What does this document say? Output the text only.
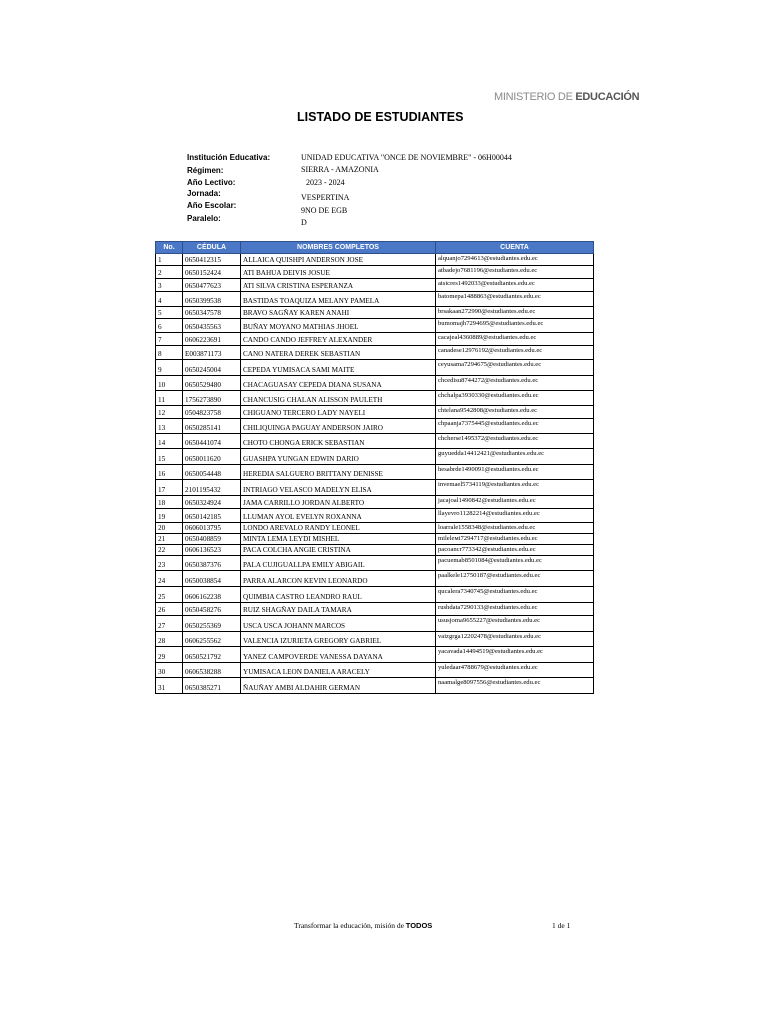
MINISTERIO DE EDUCACIÓN
LISTADO DE ESTUDIANTES
Institución Educativa:	UNIDAD EDUCATIVA "ONCE DE NOVIEMBRE" - 06H00044
Régimen:	SIERRA - AMAZONIA
Año Lectivo:	2023 - 2024
Jornada:	VESPERTINA
Año Escolar:
9NO DE EGB
Paralelo:	D
No.	CÉDULA	NOMBRES COMPLETOS	CUENTA
1	0650412315	ALLAICA QUISHPI ANDERSON JOSE	alquanjo7294613@estudiantes.edu.ec
2	0650152424	ATI BAHUA DEIVIS JOSUE	atbadejo7681196@estudiantes.edu.ec
3	0650477623	ATI SILVA CRISTINA ESPERANZA	atsicres1492033@estudiantes.edu.ec
4	0650399538	BASTIDAS TOAQUIZA MELANY PAMELA	batomepa1488863@estudiantes.edu.ec
5	0650347578	BRAVO SAGÑAY KAREN ANAHI	brsakaan272990@estudiantes.edu.ec
6	0650435563	BUÑAY MOYANO MATHIAS JHOEL	bumomajh7294695@estudiantes.edu.ec
7	0606223691	CANDO CANDO JEFFREY ALEXANDER	cacajeal4360889@estudiantes.edu.ec
8	E003871173	CANO NATERA DEREK SEBASTIAN	canadese12976192@estudiantes.edu.ec
9	0650245004	CEPEDA YUMISACA SAMI MAITE	ceyusama7294675@estudiantes.edu.ec
10	0650529480	CHACAGUASAY CEPEDA DIANA SUSANA	chcedisu8744272@estudiantes.edu.ec
11	1756273890	CHANCUSIG CHALAN ALISSON PAULETH	chchalpa3930330@estudiantes.edu.ec
12	0504823758	CHIGUANO TERCERO LADY NAYELI	chtelana9542808@estudiantes.edu.ec
13	0650285141	CHILIQUINGA PAGUAY ANDERSON JAIRO	chpaanja7375445@estudiantes.edu.ec
14	0650441074	CHOTO CHONGA ERICK SEBASTIAN	chcherse1495372@estudiantes.edu.ec
15	0650011620	GUASHPA YUNGAN EDWIN DARIO	guyuedda14412421@estudiantes.edu.ec
16	0650054448	HEREDIA SALGUERO BRITTANY DENISSE	hesabrde1490091@estudiantes.edu.ec
17	2101195432	INTRIAGO VELASCO MADELYN ELISA	invemael5734119@estudiantes.edu.ec
18	0650324924	JAMA CARRILLO JORDAN ALBERTO	jacajoal1490842@estudiantes.edu.ec
19	0650142185	LLUMAN AYOL EVELYN ROXANNA	llayevro11282214@estudiantes.edu.ec
20	0606013795	LONDO AREVALO RANDY LEONEL	loarrale1558348@estudiantes.edu.ec
21	0650408859	MINTA LEMA LEYDI MISHEL	mileleмі7294717@estudiantes.edu.ec
22	0606136523	PACA COLCHA ANGIE CRISTINA	pacoancr773342@estudiantes.edu.ec
23	0650387376	PALA CUJIGUALLPA EMILY ABIGAIL	pacuemab8501084@estudiantes.edu.ec
24	0650038854	PARRA ALARCON KEVIN LEONARDO	paalkele12750187@estudiantes.edu.ec
25	0606162238	QUIMBIA CASTRO LEANDRO RAUL	qucalera7340745@estudiantes.edu.ec
26	0650458276	RUIZ SHAGÑAY DAILA TAMARA	rushdata7290133@estudiantes.edu.ec
27	0650255369	USCA USCA JOHANN MARCOS	ususjoma9655227@estudiantes.edu.ec
28	0606255562	VALENCIA IZURIETA GREGORY GABRIEL	vaizgrga12202478@estudiantes.edu.ec
29	0650521792	YANEZ CAMPOVERDE VANESSA DAYANA	yacavada14494519@estudiantes.edu.ec
30	0606538288	YUMISACA LEON DANIELA ARACELY	yuledaar4788679@estudiantes.edu.ec
31	0650385271	ÑAUÑAY AMBI ALDAHIR GERMAN	naamalge8097556@estudiantes.edu.ec
Transformar la educación, misión de TODOS	1 de 1
